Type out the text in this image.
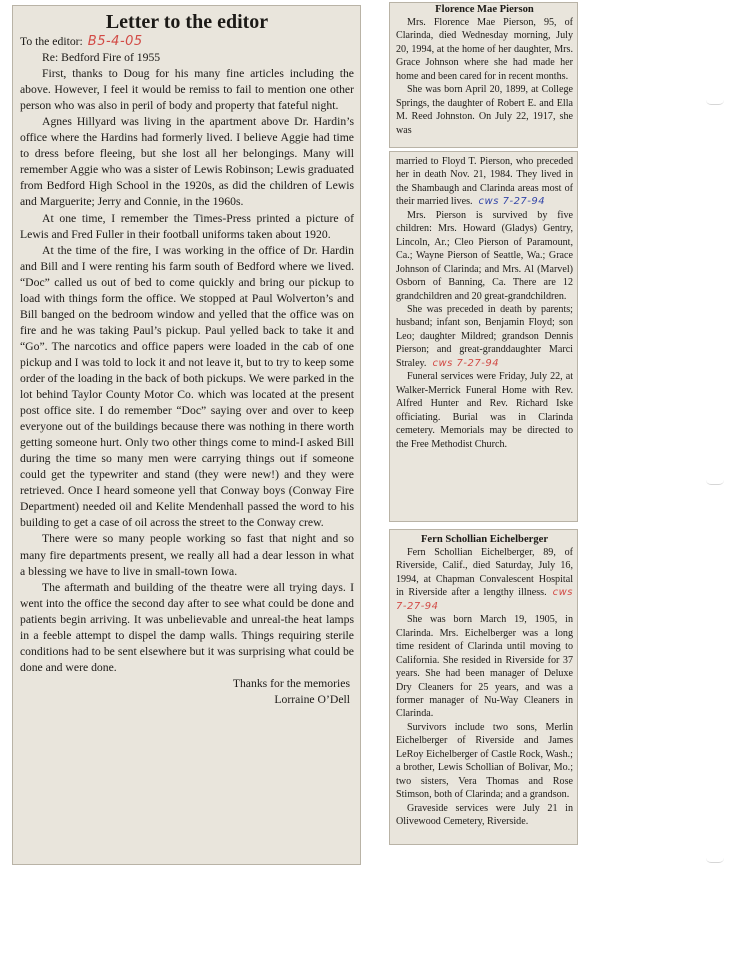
Letter to the editor

To the editor: B5-4-05

Re: Bedford Fire of 1955

First, thanks to Doug for his many fine articles including the above. However, I feel it would be remiss to fail to mention one other person who was also in peril of body and property that fateful night.

Agnes Hillyard was living in the apartment above Dr. Hardin’s office where the Hardins had formerly lived. I believe Aggie had time to dress before fleeing, but she lost all her belongings. Many will remember Aggie who was a sister of Lewis Robinson; Lewis graduated from Bedford High School in the 1920s, as did the children of Lewis and Marguerite; Jerry and Connie, in the 1960s.

At one time, I remember the Times-Press printed a picture of Lewis and Fred Fuller in their football uniforms taken about 1920.

At the time of the fire, I was working in the office of Dr. Hardin and Bill and I were renting his farm south of Bedford where we lived. “Doc” called us out of bed to come quickly and bring our pickup to load with things form the office. We stopped at Paul Wolverton’s and Bill banged on the bedroom window and yelled that the office was on fire and he was taking Paul’s pickup. Paul yelled back to take it and “Go”. The narcotics and office papers were loaded in the cab of one pickup and I was told to lock it and not leave it, but to try to keep some order of the loading in the back of both pickups. We were parked in the lot behind Taylor County Motor Co. which was located at the present post office site. I do remember “Doc” saying over and over to keep everyone out of the buildings because there was nothing in there worth getting someone hurt. Only two other things come to mind-I asked Bill during the time so many men were carrying things out if someone could get the typewriter and stand (they were new!) and they were retrieved. Once I heard someone yell that Conway boys (Conway Fire Department) needed oil and Kelite Mendenhall passed the word to his building to get a case of oil across the street to the Conway crew.

There were so many people working so fast that night and so many fire departments present, we really all had a dear lesson in what a blessing we have to live in small-town Iowa.

The aftermath and building of the theatre were all trying days. I went into the office the second day after to see what could be done and patients begin arriving. It was unbelievable and unreal-the heat lamps in a feeble attempt to dispel the damp walls. Things requiring sterile conditions had to be sent elsewhere but it was surprising what could be done and were done.

Thanks for the memories

Lorraine O’Dell

Florence Mae Pierson

Mrs. Florence Mae Pierson, 95, of Clarinda, died Wednesday morning, July 20, 1994, at the home of her daughter, Mrs. Grace Johnson where she had made her home and been cared for in recent months.

She was born April 20, 1899, at College Springs, the daughter of Robert E. and Ella M. Reed Johnston. On July 22, 1917, she was

married to Floyd T. Pierson, who preceded her in death Nov. 21, 1984. They lived in the Shambaugh and Clarinda areas most of their married lives. cws 7-27-94

Mrs. Pierson is survived by five children: Mrs. Howard (Gladys) Gentry, Lincoln, Ar.; Cleo Pierson of Paramount, Ca.; Wayne Pierson of Seattle, Wa.; Grace Johnson of Clarinda; and Mrs. Al (Marvel) Osborn of Banning, Ca. There are 12 grandchildren and 20 great-grandchildren.

She was preceded in death by parents; husband; infant son, Benjamin Floyd; son Leo; daughter Mildred; grandson Dennis Pierson; and great-granddaughter Marci Straley. cws 7-27-94

Funeral services were Friday, July 22, at Walker-Merrick Funeral Home with Rev. Alfred Hunter and Rev. Richard Iske officiating. Burial was in Clarinda cemetery. Memorials may be directed to the Free Methodist Church.

Fern Schollian Eichelberger

Fern Schollian Eichelberger, 89, of Riverside, Calif., died Saturday, July 16, 1994, at Chapman Convalescent Hospital in Riverside after a lengthy illness. cws 7-27-94

She was born March 19, 1905, in Clarinda. Mrs. Eichelberger was a long time resident of Clarinda until moving to California. She resided in Riverside for 37 years. She had been manager of Deluxe Dry Cleaners for 25 years, and was a former manager of Nu-Way Cleaners in Clarinda.

Survivors include two sons, Merlin Eichelberger of Riverside and James LeRoy Eichelberger of Castle Rock, Wash.; a brother, Lewis Schollian of Bolivar, Mo.; two sisters, Vera Thomas and Rose Stimson, both of Clarinda; and a grandson.

Graveside services were July 21 in Olivewood Cemetery, Riverside.
